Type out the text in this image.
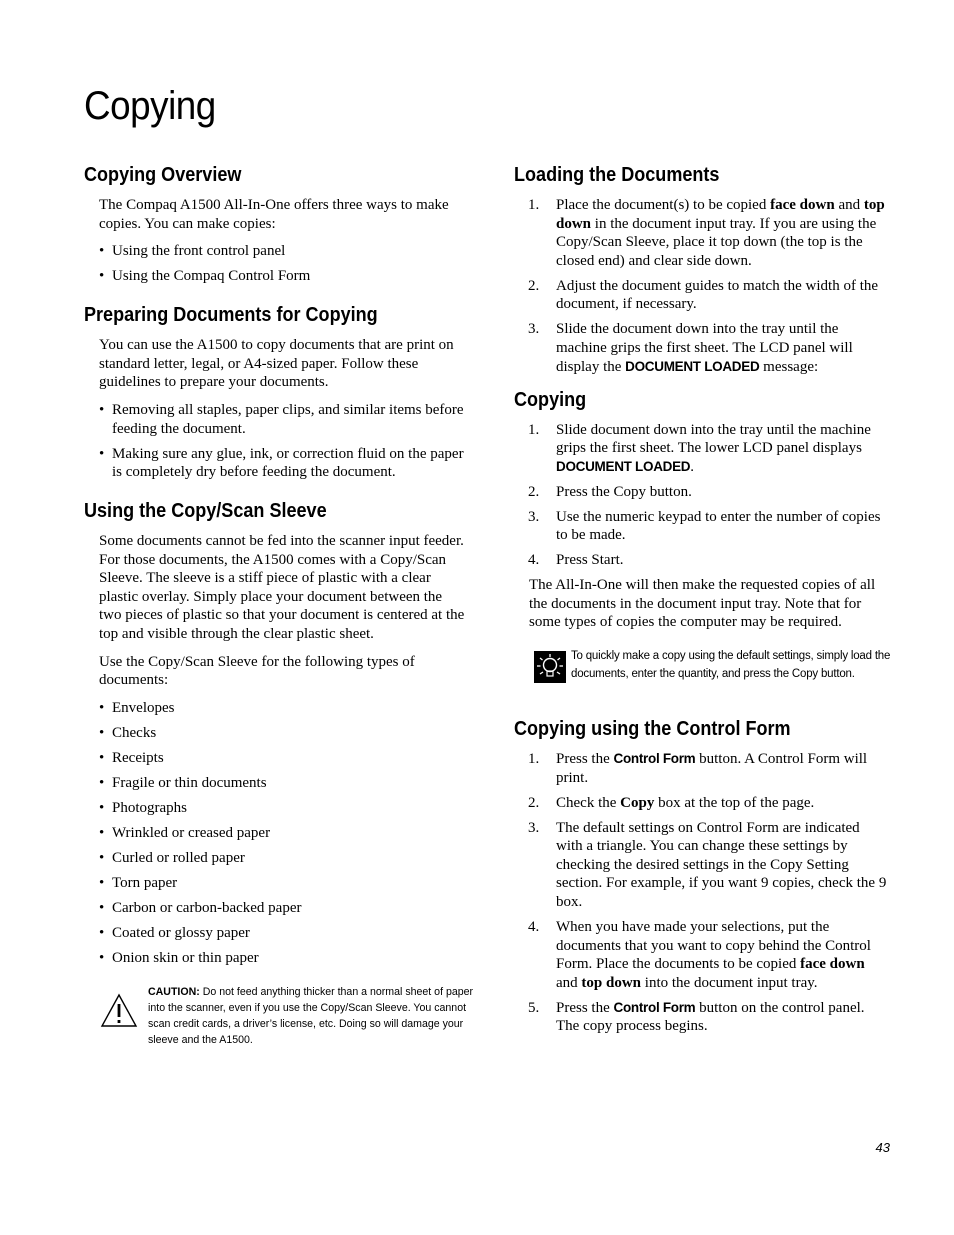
Copying
Copying Overview

The Compaq A1500 All-In-One offers three ways to make copies. You can make copies:

• Using the front control panel
• Using the Compaq Control Form
Preparing Documents for Copying

You can use the A1500 to copy documents that are print on standard letter, legal, or A4-sized paper. Follow these guidelines to prepare your documents.

• Removing all staples, paper clips, and similar items before feeding the document.
• Making sure any glue, ink, or correction fluid on the paper is completely dry before feeding the document.
Using the Copy/Scan Sleeve

Some documents cannot be fed into the scanner input feeder. For those documents, the A1500 comes with a Copy/Scan Sleeve. The sleeve is a stiff piece of plastic with a clear plastic overlay. Simply place your document between the two pieces of plastic so that your document is centered at the top and visible through the clear plastic sheet.

Use the Copy/Scan Sleeve for the following types of documents:

• Envelopes
• Checks
• Receipts
• Fragile or thin documents
• Photographs
• Wrinkled or creased paper
• Curled or rolled paper
• Torn paper
• Carbon or carbon-backed paper
• Coated or glossy paper
• Onion skin or thin paper
CAUTION: Do not feed anything thicker than a normal sheet of paper into the scanner, even if you use the Copy/Scan Sleeve. You cannot scan credit cards, a driver’s license, etc. Doing so will damage your sleeve and the A1500.
Loading the Documents
1. Place the document(s) to be copied face down and top down in the document input tray. If you are using the Copy/Scan Sleeve, place it top down (the top is the closed end) and clear side down.
2. Adjust the document guides to match the width of the document, if necessary.
3. Slide the document down into the tray until the machine grips the first sheet. The LCD panel will display the DOCUMENT LOADED message:
Copying
1. Slide document down into the tray until the machine grips the first sheet. The lower LCD panel displays DOCUMENT LOADED.
2. Press the Copy button.
3. Use the numeric keypad to enter the number of copies to be made.
4. Press Start.

The All-In-One will then make the requested copies of all the documents in the document input tray. Note that for some types of copies the computer may be required.

To quickly make a copy using the default settings, simply load the documents, enter the quantity, and press the Copy button.
Copying using the Control Form
1. Press the Control Form button. A Control Form will print.
2. Check the Copy box at the top of the page.
3. The default settings on Control Form are indicated with a triangle. You can change these settings by checking the desired settings in the Copy Setting section. For example, if you want 9 copies, check the 9 box.
4. When you have made your selections, put the documents that you want to copy behind the Control Form. Place the documents to be copied face down and top down into the document input tray.
5. Press the Control Form button on the control panel. The copy process begins.
43
